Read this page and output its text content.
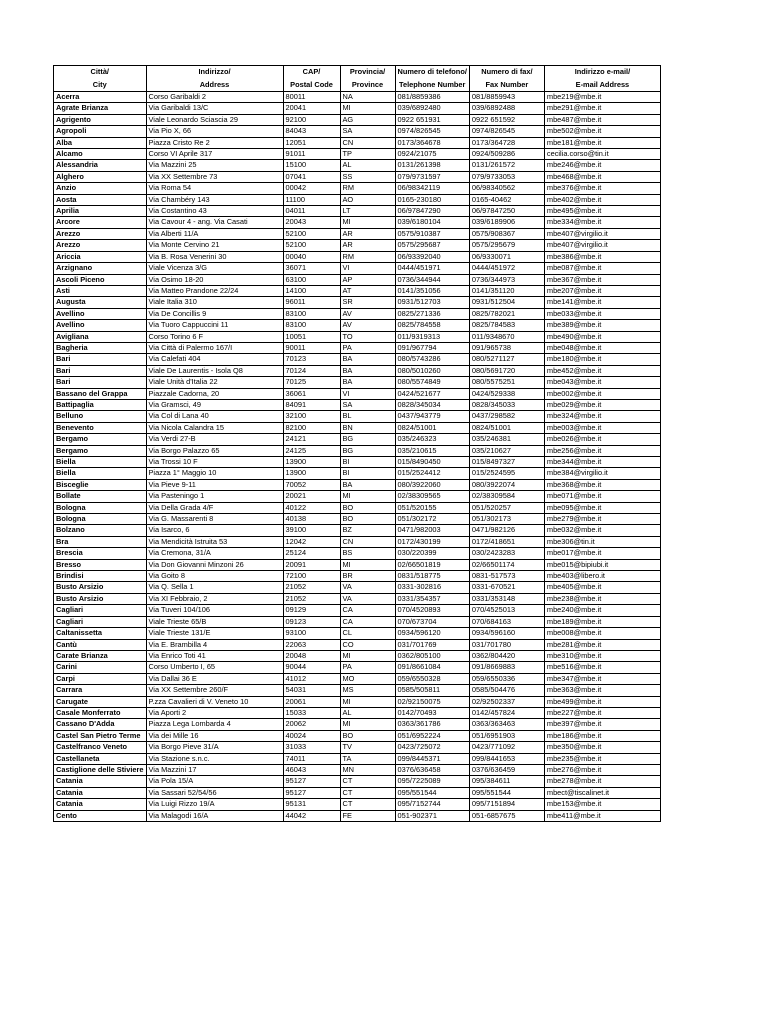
Città/	Indirizzo/	CAP/	Provincia/	Numero di telefono/	Numero di fax/	Indirizzo e-mail/
City	Address	Postal Code	Province	Telephone Number	Fax Number	E-mail Address
Acerra	Corso Garibaldi 2	80011	NA	081/8859386	081/8859943	mbe219@mbe.it
Agrate Brianza	Via Garibaldi 13/C	20041	MI	039/6892480	039/6892488	mbe291@mbe.it
Agrigento	Viale Leonardo Sciascia 29	92100	AG	0922 651931	0922 651592	mbe487@mbe.it
Agropoli	Via Pio X, 66	84043	SA	0974/826545	0974/826545	mbe502@mbe.it
Alba	Piazza Cristo Re 2	12051	CN	0173/364678	0173/364728	mbe181@mbe.it
Alcamo	Corso VI Aprile 317	91011	TP	0924/21075	0924/509286	cecilia.corso@tin.it
Alessandria	Via Mazzini 25	15100	AL	0131/261398	0131/261572	mbe246@mbe.it
Alghero	Via XX Settembre 73	07041	SS	079/9731597	079/9733053	mbe468@mbe.it
Anzio	Via Roma 54	00042	RM	06/98342119	06/98340562	mbe376@mbe.it
Aosta	Via Chambéry 143	11100	AO	0165-230180	0165-40462	mbe402@mbe.it
Aprilia	Via Costantino 43	04011	LT	06/97847290	06/97847250	mbe495@mbe.it
Arcore	Via Cavour 4 - ang. Via Casati	20043	MI	039/6180104	039/6189906	mbe334@mbe.it
Arezzo	Via Alberti 11/A	52100	AR	0575/910387	0575/908367	mbe407@virgilio.it
Arezzo	Via Monte Cervino 21	52100	AR	0575/295687	0575/295679	mbe407@virgilio.it
Ariccia	Via B. Rosa Venerini 30	00040	RM	06/93392040	06/9330071	mbe386@mbe.it
Arzignano	Viale Vicenza 3/G	36071	VI	0444/451971	0444/451972	mbe087@mbe.it
Ascoli Piceno	Via Osimo 18-20	63100	AP	0736/344944	0736/344973	mbe367@mbe.it
Asti	Via Matteo Prandone 22/24	14100	AT	0141/351056	0141/351120	mbe207@mbe.it
Augusta	Viale Italia 310	96011	SR	0931/512703	0931/512504	mbe141@mbe.it
Avellino	Via De Concillis 9	83100	AV	0825/271336	0825/782021	mbe033@mbe.it
Avellino	Via Tuoro Cappuccini 11	83100	AV	0825/784558	0825/784583	mbe389@mbe.it
Avigliana	Corso Torino 6 F	10051	TO	011/9319313	011/9348670	mbe490@mbe.it
Bagheria	Via Città di Palermo 167/I	90011	PA	091/967794	091/965738	mbe048@mbe.it
Bari	Via Calefati 404	70123	BA	080/5743286	080/5271127	mbe180@mbe.it
Bari	Viale De Laurentis - Isola Q8	70124	BA	080/5010260	080/5691720	mbe452@mbe.it
Bari	Viale Unità d'Italia 22	70125	BA	080/5574849	080/5575251	mbe043@mbe.it
Bassano del Grappa	Piazzale Cadorna, 20	36061	VI	0424/521677	0424/529338	mbe002@mbe.it
Battipaglia	Via Gramsci, 49	84091	SA	0828/345034	0828/345033	mbe029@mbe.it
Belluno	Via Col di Lana 40	32100	BL	0437/943779	0437/298582	mbe324@mbe.it
Benevento	Via Nicola Calandra 15	82100	BN	0824/51001	0824/51001	mbe003@mbe.it
Bergamo	Via Verdi 27-B	24121	BG	035/246323	035/246381	mbe026@mbe.it
Bergamo	Via Borgo Palazzo 65	24125	BG	035/210615	035/210627	mbe256@mbe.it
Biella	Via Trossi 10 F	13900	BI	015/8490450	015/8497327	mbe344@mbe.it
Biella	Piazza 1° Maggio 10	13900	BI	015/2524412	015/2524595	mbe384@virgilio.it
Bisceglie	Via Pieve 9-11	70052	BA	080/3922060	080/3922074	mbe368@mbe.it
Bollate	Via Pasteningo 1	20021	MI	02/38309565	02/38309584	mbe071@mbe.it
Bologna	Via Della Grada 4/F	40122	BO	051/520155	051/520257	mbe095@mbe.it
Bologna	Via G. Massarenti 8	40138	BO	051/302172	051/302173	mbe279@mbe.it
Bolzano	Via Isarco, 6	39100	BZ	0471/982003	0471/982126	mbe032@mbe.it
Bra	Via Mendicità Istruita 53	12042	CN	0172/430199	0172/418651	mbe306@tin.it
Brescia	Via Cremona, 31/A	25124	BS	030/220399	030/2423283	mbe017@mbe.it
Bresso	Via Don Giovanni Minzoni 26	20091	MI	02/66501819	02/66501174	mbe015@bipiubi.it
Brindisi	Via Goito 8	72100	BR	0831/518775	0831-517573	mbe403@libero.it
Busto Arsizio	Via Q. Sella 1	21052	VA	0331-302816	0331-670521	mbe405@mbe.it
Busto Arsizio	Via XI Febbraio, 2	21052	VA	0331/354357	0331/353148	mbe238@mbe.it
Cagliari	Via Tuveri 104/106	09129	CA	070/4520893	070/4525013	mbe240@mbe.it
Cagliari	Viale Trieste 65/B	09123	CA	070/673704	070/684163	mbe189@mbe.it
Caltanissetta	Viale Trieste 131/E	93100	CL	0934/596120	0934/596160	mbe008@mbe.it
Cantù	Via E. Brambilla 4	22063	CO	031/701769	031/701780	mbe281@mbe.it
Carate Brianza	Via Enrico Toti 41	20048	MI	0362/805100	0362/804420	mbe310@mbe.it
Carini	Corso Umberto I, 65	90044	PA	091/8661084	091/8669883	mbe516@mbe.it
Carpi	Via Dallai 36 E	41012	MO	059/6550328	059/6550336	mbe347@mbe.it
Carrara	Via XX Settembre 260/F	54031	MS	0585/505811	0585/504476	mbe363@mbe.it
Carugate	P.zza Cavalieri di V. Veneto 10	20061	MI	02/92150075	02/92502337	mbe499@mbe.it
Casale Monferrato	Via Aporti 2	15033	AL	0142/70493	0142/457824	mbe227@mbe.it
Cassano D'Adda	Piazza Lega Lombarda 4	20062	MI	0363/361786	0363/363463	mbe397@mbe.it
Castel San Pietro Terme	Via dei Mille 16	40024	BO	051/6952224	051/6951903	mbe186@mbe.it
Castelfranco Veneto	Via Borgo Pieve 31/A	31033	TV	0423/725072	0423/771092	mbe350@mbe.it
Castellaneta	Via Stazione s.n.c.	74011	TA	099/8445371	099/8441653	mbe235@mbe.it
Castiglione delle Stiviere	Via Mazzini 17	46043	MN	0376/636458	0376/636459	mbe276@mbe.it
Catania	Via Pola 15/A	95127	CT	095/7225089	095/384611	mbe278@mbe.it
Catania	Via Sassari 52/54/56	95127	CT	095/551544	095/551544	mbect@tiscalinet.it
Catania	Via Luigi Rizzo 19/A	95131	CT	095/7152744	095/7151894	mbe153@mbe.it
Cento	Via Malagodi 16/A	44042	FE	051-902371	051-6857675	mbe411@mbe.it
